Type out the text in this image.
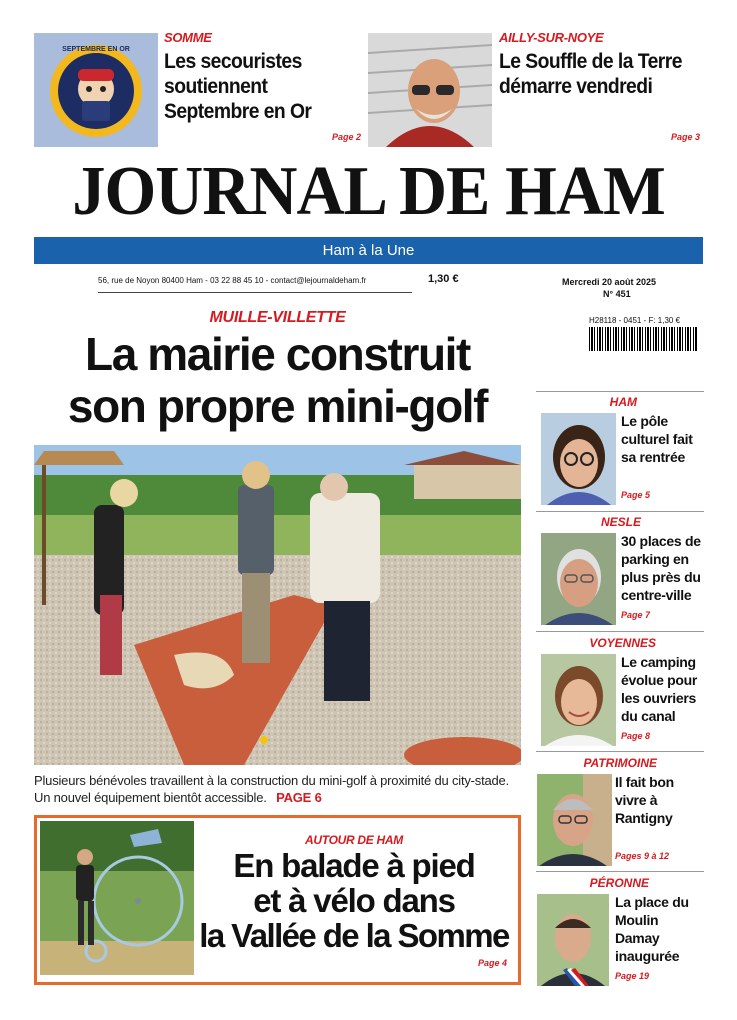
SEPTEMBRE EN OR
SOMME
Les secouristes soutiennent Septembre en Or
Page 2
AILLY-SUR-NOYE
Le Souffle de la Terre démarre vendredi
Page 3
JOURNAL DE HAM
Ham à la Une
56, rue de Noyon 80400 Ham - 03 22 88 45 10 - contact@lejournaldeham.fr	1,30 €	Mercredi 20 août 2025
N° 451
H28118 - 0451 - F: 1,30 €
MUILLE-VILLETTE
La mairie construit
son propre mini-golf
Plusieurs bénévoles travaillent à la construction du mini-golf à proximité du city-stade. Un nouvel équipement bientôt accessible. PAGE 6
AUTOUR DE HAM
En balade à pied
et à vélo dans
la Vallée de la Somme
Page 4
HAM
Le pôle culturel fait sa rentrée
Page 5
NESLE
30 places de parking en plus près du centre-ville
Page 7
VOYENNES
Le camping évolue pour les ouvriers du canal
Page 8
PATRIMOINE
Il fait bon vivre à Rantigny
Pages 9 à 12
PÉRONNE
La place du Moulin Damay inaugurée
Page 19
